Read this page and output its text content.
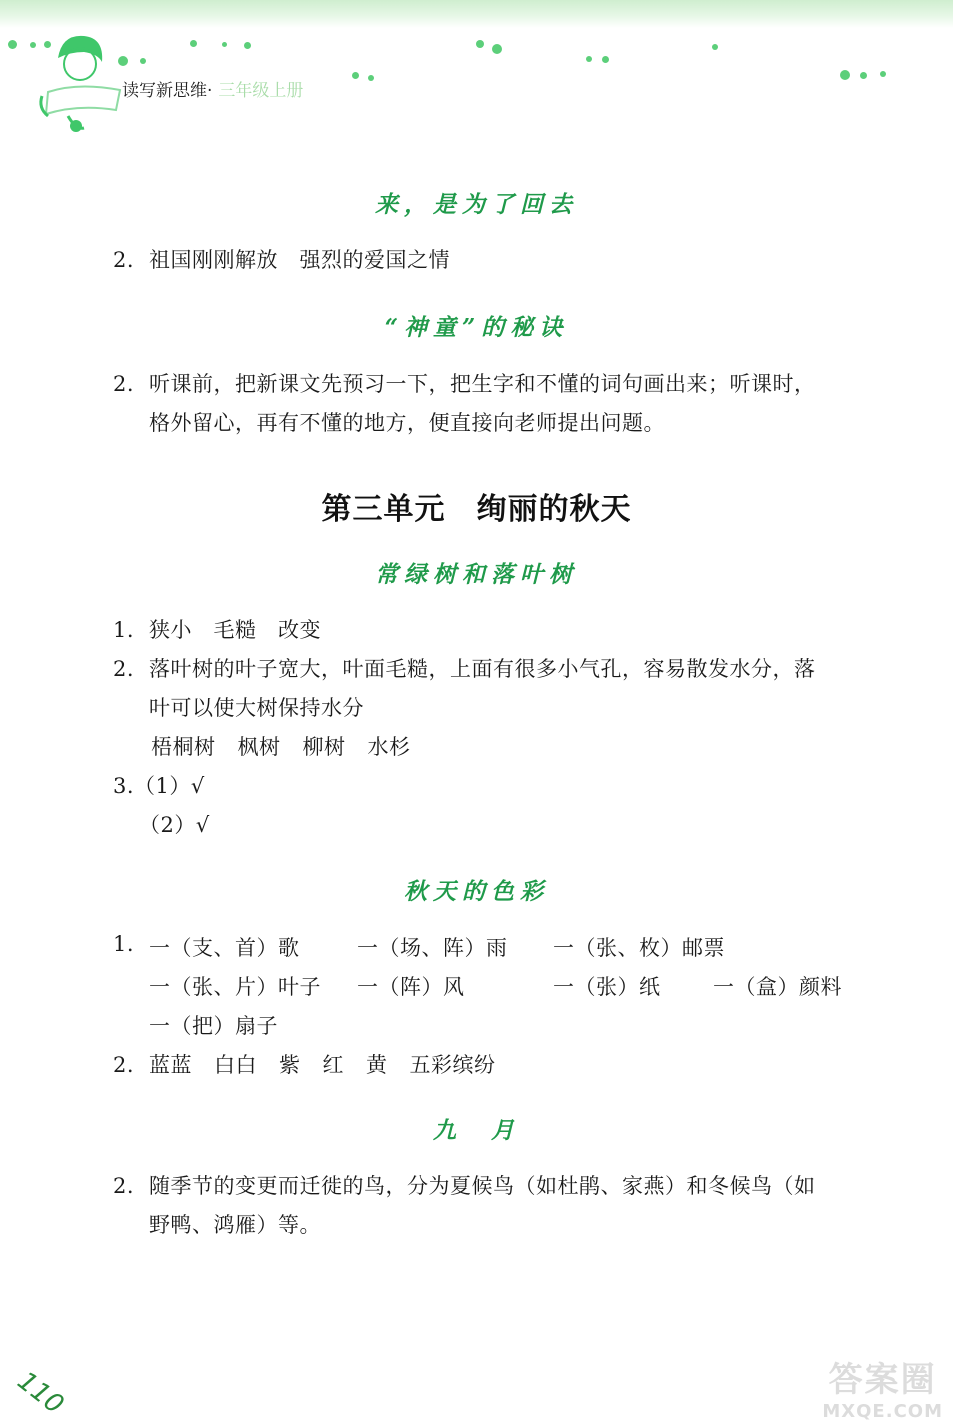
读写新思维· 三年级上册
来，是为了回去
2. 祖国刚刚解放　强烈的爱国之情
“神童”的秘诀
2. 听课前，把新课文先预习一下，把生字和不懂的词句画出来；听课时，
格外留心，再有不懂的地方，便直接向老师提出问题。
第三单元　绚丽的秋天
常绿树和落叶树
1. 狭小　毛糙　改变
2. 落叶树的叶子宽大，叶面毛糙，上面有很多小气孔，容易散发水分，落
叶可以使大树保持水分
梧桐树 枫树 柳树 水杉
3.（1）√
（2）√
秋天的色彩
1. 一（支、首）歌	一（场、阵）雨 一（张、枚）邮票
一（张、片）叶子 一（阵）风	一（张）纸	一（盒）颜料
一（把）扇子
2. 蓝蓝 白白 紫 红 黄 五彩缤纷
九　月
2. 随季节的变更而迁徙的鸟，分为夏候鸟（如杜鹃、家燕）和冬候鸟（如
野鸭、鸿雁）等。
110	答案圈
MXQE.COM
